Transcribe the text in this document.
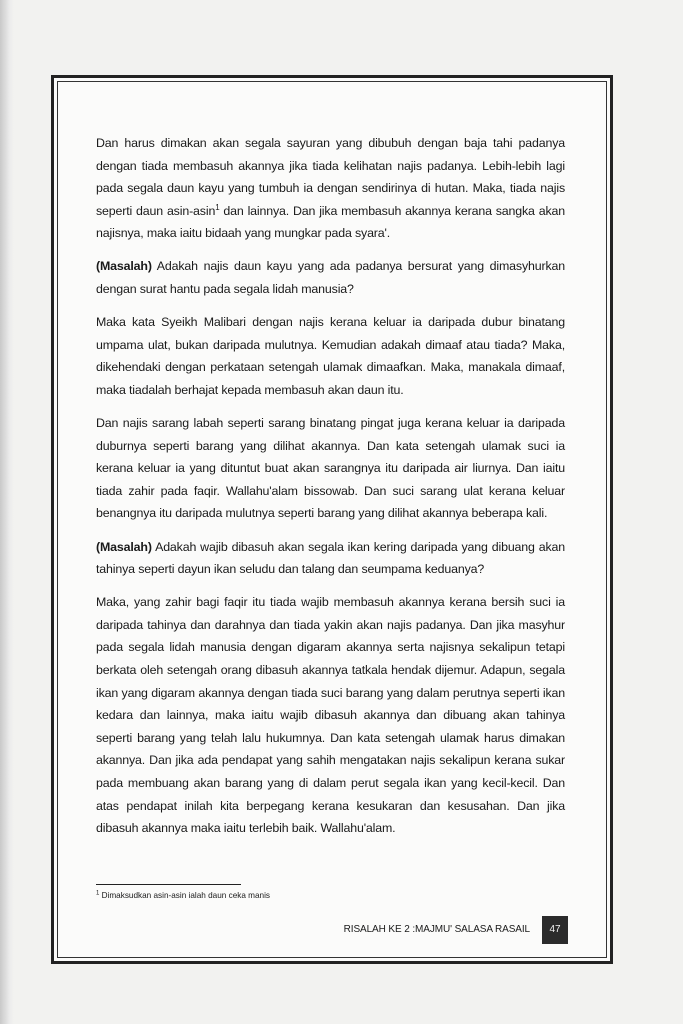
Dan harus dimakan akan segala sayuran yang dibubuh dengan baja tahi padanya dengan tiada membasuh akannya jika tiada kelihatan najis padanya. Lebih-lebih lagi pada segala daun kayu yang tumbuh ia dengan sendirinya di hutan. Maka, tiada najis seperti daun asin-asin$^1$ dan lainnya. Dan jika membasuh akannya kerana sangka akan najisnya, maka iaitu bidaah yang mungkar pada syara'.

(Masalah) Adakah najis daun kayu yang ada padanya bersurat yang dimasyhurkan dengan surat hantu pada segala lidah manusia?

Maka kata Syeikh Malibari dengan najis kerana keluar ia daripada dubur binatang umpama ulat, bukan daripada mulutnya. Kemudian adakah dimaaf atau tiada? Maka, dikehendaki dengan perkataan setengah ulamak dimaafkan. Maka, manakala dimaaf, maka tiadalah berhajat kepada membasuh akan daun itu.

Dan najis sarang labah seperti sarang binatang pingat juga kerana keluar ia daripada duburnya seperti barang yang dilihat akannya. Dan kata setengah ulamak suci ia kerana keluar ia yang dituntut buat akan sarangnya itu daripada air liurnya. Dan iaitu tiada zahir pada faqir. Wallahu'alam bissowab. Dan suci sarang ulat kerana keluar benangnya itu daripada mulutnya seperti barang yang dilihat akannya beberapa kali.

(Masalah) Adakah wajib dibasuh akan segala ikan kering daripada yang dibuang akan tahinya seperti dayun ikan seludu dan talang dan seumpama keduanya?

Maka, yang zahir bagi faqir itu tiada wajib membasuh akannya kerana bersih suci ia daripada tahinya dan darahnya dan tiada yakin akan najis padanya. Dan jika masyhur pada segala lidah manusia dengan digaram akannya serta najisnya sekalipun tetapi berkata oleh setengah orang dibasuh akannya tatkala hendak dijemur. Adapun, segala ikan yang digaram akannya dengan tiada suci barang yang dalam perutnya seperti ikan kedara dan lainnya, maka iaitu wajib dibasuh akannya dan dibuang akan tahinya seperti barang yang telah lalu hukumnya. Dan kata setengah ulamak harus dimakan akannya. Dan jika ada pendapat yang sahih mengatakan najis sekalipun kerana sukar pada membuang akan barang yang di dalam perut segala ikan yang kecil-kecil. Dan atas pendapat inilah kita berpegang kerana kesukaran dan kesusahan. Dan jika dibasuh akannya maka iaitu terlebih baik. Wallahu'alam.

$^1$ Dimaksudkan asin-asin ialah daun ceka manis
RISALAH KE 2 :MAJMU' SALASA RASAIL	47
